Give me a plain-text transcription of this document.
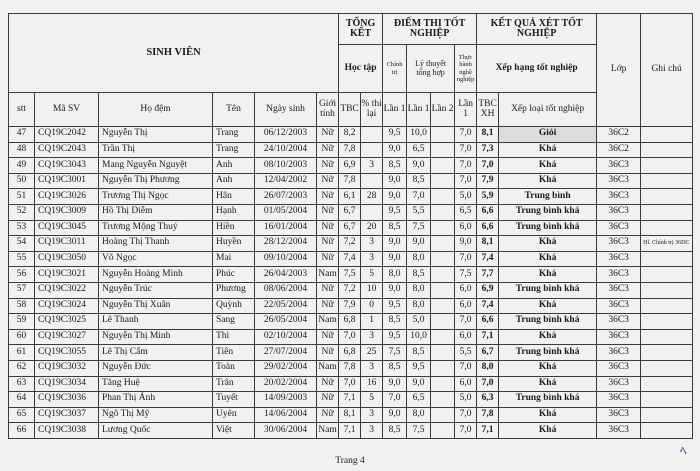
SINH VIÊN						TỔNG KẾT		ĐIỂM THI TỐT NGHIỆP				KẾT QUẢ XÉT TỐT NGHIỆP		Lớp	Ghi chú
						Học tập		Chính trị	Lý thuyết tổng hợp		Thực hành nghề nghiệp	Xếp hạng tốt nghiệp			
stt	Mã SV	Họ đệm	Tên	Ngày sinh	Giới tính	TBC	% thi lại	Lần 1	Lần 1	Lần 2	Lần 1	TBC XH	Xếp loại tốt nghiệp		
47	CQ19C2042	Nguyễn Thị	Trang	06/12/2003	Nữ	8,2		9,5	10,0		7,0	8,1	Giỏi	36C2	
48	CQ19C2043	Trần Thị	Trang	24/10/2004	Nữ	7,8		9,0	6,5		7,0	7,3	Khá	36C2	
49	CQ19C3043	Mang Nguyễn Nguyệt	Anh	08/10/2003	Nữ	6,9	3	8,5	9,0		7,0	7,0	Khá	36C3	
50	CQ19C3001	Nguyễn Thị Phương	Anh	12/04/2002	Nữ	7,8		9,0	8,5		7,0	7,9	Khá	36C3	
51	CQ19C3026	Trương Thị Ngọc	Hân	26/07/2003	Nữ	6,1	28	9,0	7,0		5,0	5,9	Trung bình	36C3	
52	CQ19C3009	Hồ Thị Diễm	Hạnh	01/05/2004	Nữ	6,7		9,5	5,5		6,5	6,6	Trung bình khá	36C3	
53	CQ19C3045	Trương Mộng Thuý	Hiền	16/01/2004	Nữ	6,7	20	8,5	7,5		6,0	6,6	Trung bình khá	36C3	
54	CQ19C3011	Hoàng Thị Thanh	Huyền	28/12/2004	Nữ	7,2	3	9,0	9,0		9,0	8,1	Khá	36C3	Hl. Chính trị 36DC
55	CQ19C3050	Võ Ngọc	Mai	09/10/2004	Nữ	7,4	3	9,0	8,0		7,0	7,4	Khá	36C3	
56	CQ19C3021	Nguyễn Hoàng Minh	Phúc	26/04/2003	Nam	7,5	5	8,0	8,5		7,5	7,7	Khá	36C3	
57	CQ19C3022	Nguyễn Trúc	Phương	08/06/2004	Nữ	7,2	10	9,0	8,0		6,0	6,9	Trung bình khá	36C3	
58	CQ19C3024	Nguyễn Thị Xuân	Quỳnh	22/05/2004	Nữ	7,9	0	9,5	8,0		6,0	7,4	Khá	36C3	
59	CQ19C3025	Lê Thanh	Sang	26/05/2004	Nam	6,8	1	8,5	5,0		7,0	6,6	Trung bình khá	36C3	
60	CQ19C3027	Nguyễn Thị Minh	Thi	02/10/2004	Nữ	7,0	3	9,5	10,0		6,0	7,1	Khá	36C3	
61	CQ19C3055	Lê Thị Cẩm	Tiên	27/07/2004	Nữ	6,8	25	7,5	8,5		5,5	6,7	Trung bình khá	36C3	
62	CQ19C3032	Nguyễn Đức	Toàn	29/02/2004	Nam	7,8	3	8,5	9,5		7,0	8,0	Khá	36C3	
63	CQ19C3034	Tăng Huệ	Trân	20/02/2004	Nữ	7,0	16	9,0	9,0		6,0	7,0	Khá	36C3	
64	CQ19C3036	Phan Thị Ánh	Tuyết	14/09/2003	Nữ	7,1	5	7,0	6,5		5,0	6,3	Trung bình khá	36C3	
65	CQ19C3037	Ngô Thị Mỹ	Uyên	14/06/2004	Nữ	8,1	3	9,0	8,0		7,0	7,8	Khá	36C3	
66	CQ19C3038	Lương Quốc	Việt	30/06/2004	Nam	7,1	3	8,5	7,5		7,0	7,1	Khá	36C3	
Trang 4
ﾍ
